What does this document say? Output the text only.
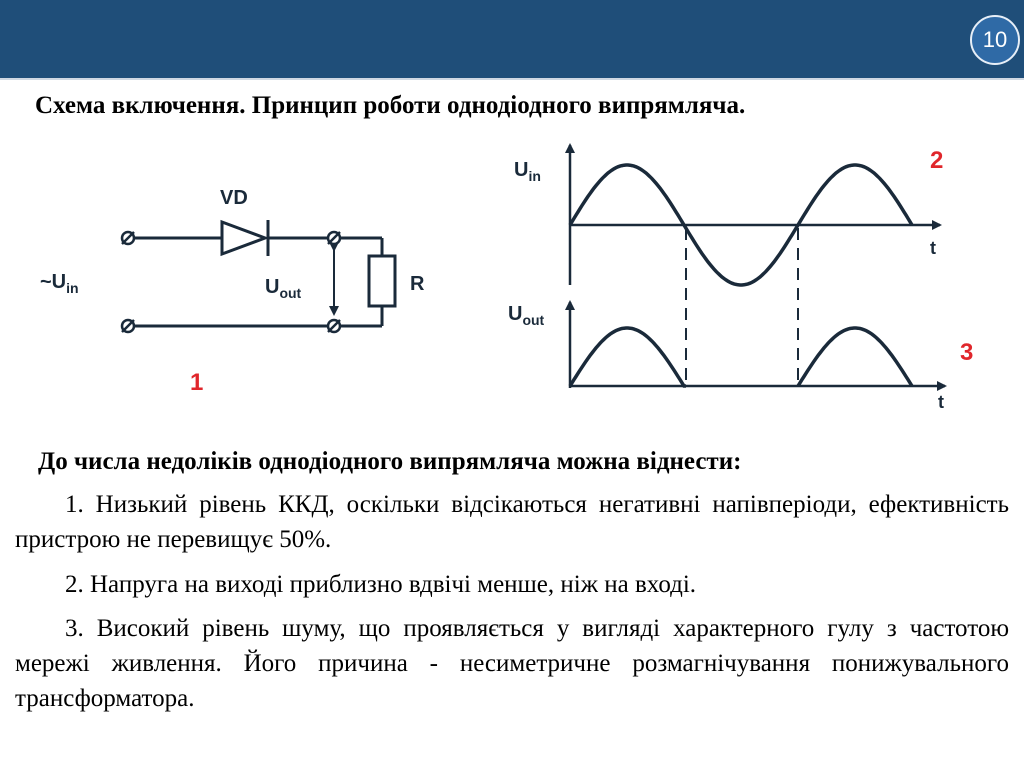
10
Схема включення. Принцип роботи однодіодного випрямляча.
VD
$\sim U_{in}$	$U_{out}$	R
1
$U_{in}$
t
2
$U_{out}$
t
3
До числа недоліків однодіодного випрямляча можна віднести:

1. Низький рівень ККД, оскільки відсікаються негативні напівперіоди, ефективність пристрою не перевищує 50%.

2. Напруга на виході приблизно вдвічі менше, ніж на вході.

3. Високий рівень шуму, що проявляється у вигляді характерного гулу з частотою мережі живлення. Його причина - несиметричне розмагнічування понижувального трансформатора.
